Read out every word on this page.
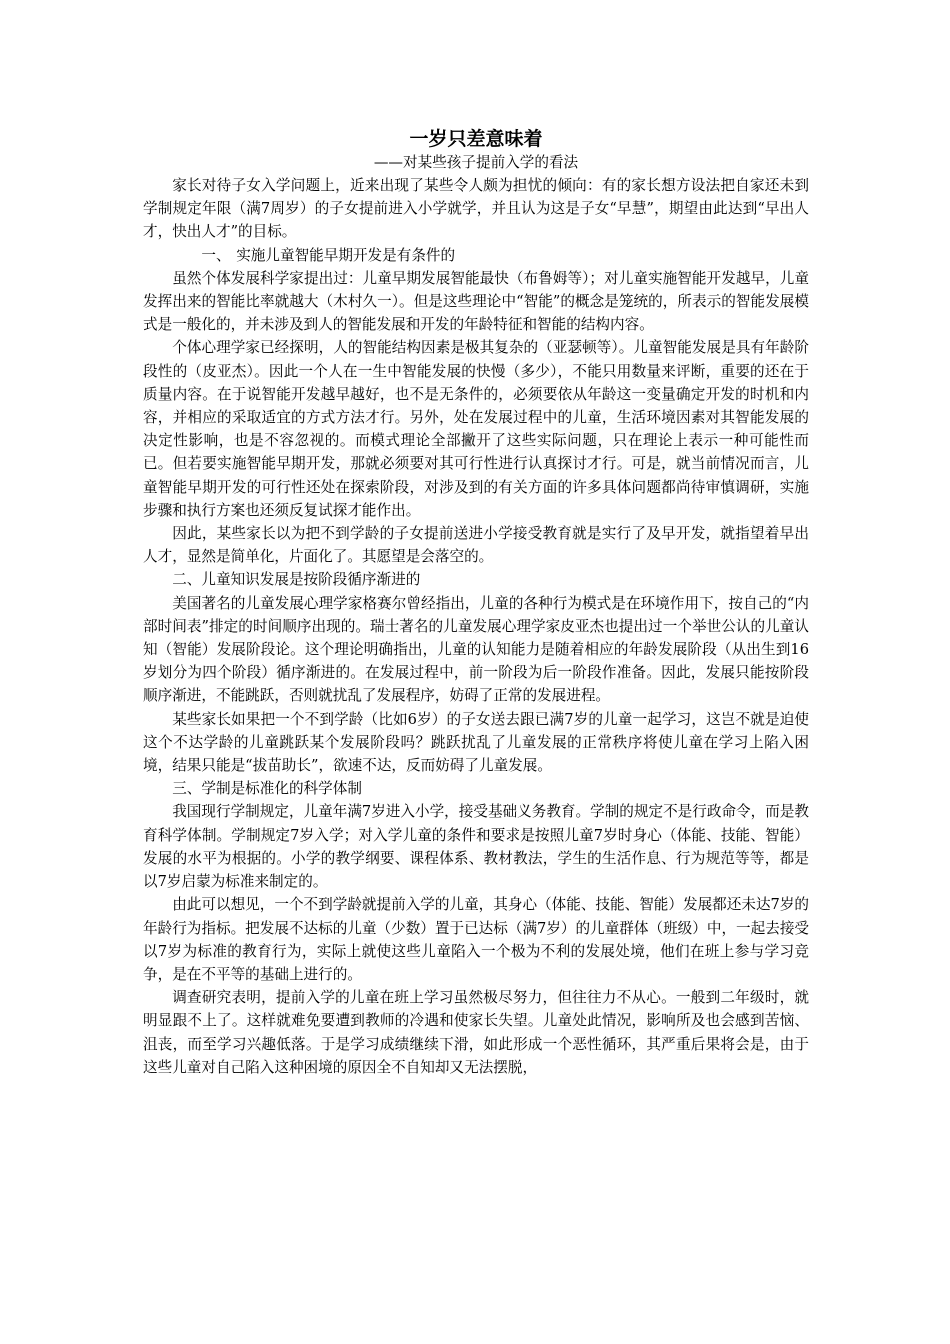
一岁只差意味着

——对某些孩子提前入学的看法

家长对待子女入学问题上，近来出现了某些令人颇为担忧的倾向：有的家长想方设法把自家还未到学制规定年限（满7周岁）的子女提前进入小学就学，并且认为这是子女“早慧”，期望由此达到“早出人才，快出人才”的目标。

一、 实施儿童智能早期开发是有条件的

虽然个体发展科学家提出过：儿童早期发展智能最快（布鲁姆等）；对儿童实施智能开发越早，儿童发挥出来的智能比率就越大（木村久一）。但是这些理论中“智能”的概念是笼统的，所表示的智能发展模式是一般化的，并未涉及到人的智能发展和开发的年龄特征和智能的结构内容。

个体心理学家已经探明，人的智能结构因素是极其复杂的（亚瑟顿等）。儿童智能发展是具有年龄阶段性的（皮亚杰）。因此一个人在一生中智能发展的快慢（多少），不能只用数量来评断，重要的还在于质量内容。在于说智能开发越早越好，也不是无条件的，必须要依从年龄这一变量确定开发的时机和内容，并相应的采取适宜的方式方法才行。另外，处在发展过程中的儿童，生活环境因素对其智能发展的决定性影响，也是不容忽视的。而模式理论全部撇开了这些实际问题，只在理论上表示一种可能性而已。但若要实施智能早期开发，那就必须要对其可行性进行认真探讨才行。可是，就当前情况而言，儿童智能早期开发的可行性还处在探索阶段，对涉及到的有关方面的许多具体问题都尚待审慎调研，实施步骤和执行方案也还须反复试探才能作出。

因此，某些家长以为把不到学龄的子女提前送进小学接受教育就是实行了及早开发，就指望着早出人才，显然是简单化，片面化了。其愿望是会落空的。

二、儿童知识发展是按阶段循序渐进的

美国著名的儿童发展心理学家格赛尔曾经指出，儿童的各种行为模式是在环境作用下，按自己的“内部时间表”排定的时间顺序出现的。瑞士著名的儿童发展心理学家皮亚杰也提出过一个举世公认的儿童认知（智能）发展阶段论。这个理论明确指出，儿童的认知能力是随着相应的年龄发展阶段（从出生到16岁划分为四个阶段）循序渐进的。在发展过程中，前一阶段为后一阶段作准备。因此，发展只能按阶段顺序渐进，不能跳跃，否则就扰乱了发展程序，妨碍了正常的发展进程。

某些家长如果把一个不到学龄（比如6岁）的子女送去跟已满7岁的儿童一起学习，这岂不就是迫使这个不达学龄的儿童跳跃某个发展阶段吗？跳跃扰乱了儿童发展的正常秩序将使儿童在学习上陷入困境，结果只能是“拔苗助长”，欲速不达，反而妨碍了儿童发展。

三、学制是标准化的科学体制

我国现行学制规定，儿童年满7岁进入小学，接受基础义务教育。学制的规定不是行政命令，而是教育科学体制。学制规定7岁入学；对入学儿童的条件和要求是按照儿童7岁时身心（体能、技能、智能）发展的水平为根据的。小学的教学纲要、课程体系、教材教法，学生的生活作息、行为规范等等，都是以7岁启蒙为标准来制定的。

由此可以想见，一个不到学龄就提前入学的儿童，其身心（体能、技能、智能）发展都还未达7岁的年龄行为指标。把发展不达标的儿童（少数）置于已达标（满7岁）的儿童群体（班级）中，一起去接受以7岁为标准的教育行为，实际上就使这些儿童陷入一个极为不利的发展处境，他们在班上参与学习竞争，是在不平等的基础上进行的。

调查研究表明，提前入学的儿童在班上学习虽然极尽努力，但往往力不从心。一般到二年级时，就明显跟不上了。这样就难免要遭到教师的冷遇和使家长失望。儿童处此情况，影响所及也会感到苦恼、沮丧，而至学习兴趣低落。于是学习成绩继续下滑，如此形成一个恶性循环，其严重后果将会是，由于这些儿童对自己陷入这种困境的原因全不自知却又无法摆脱，
